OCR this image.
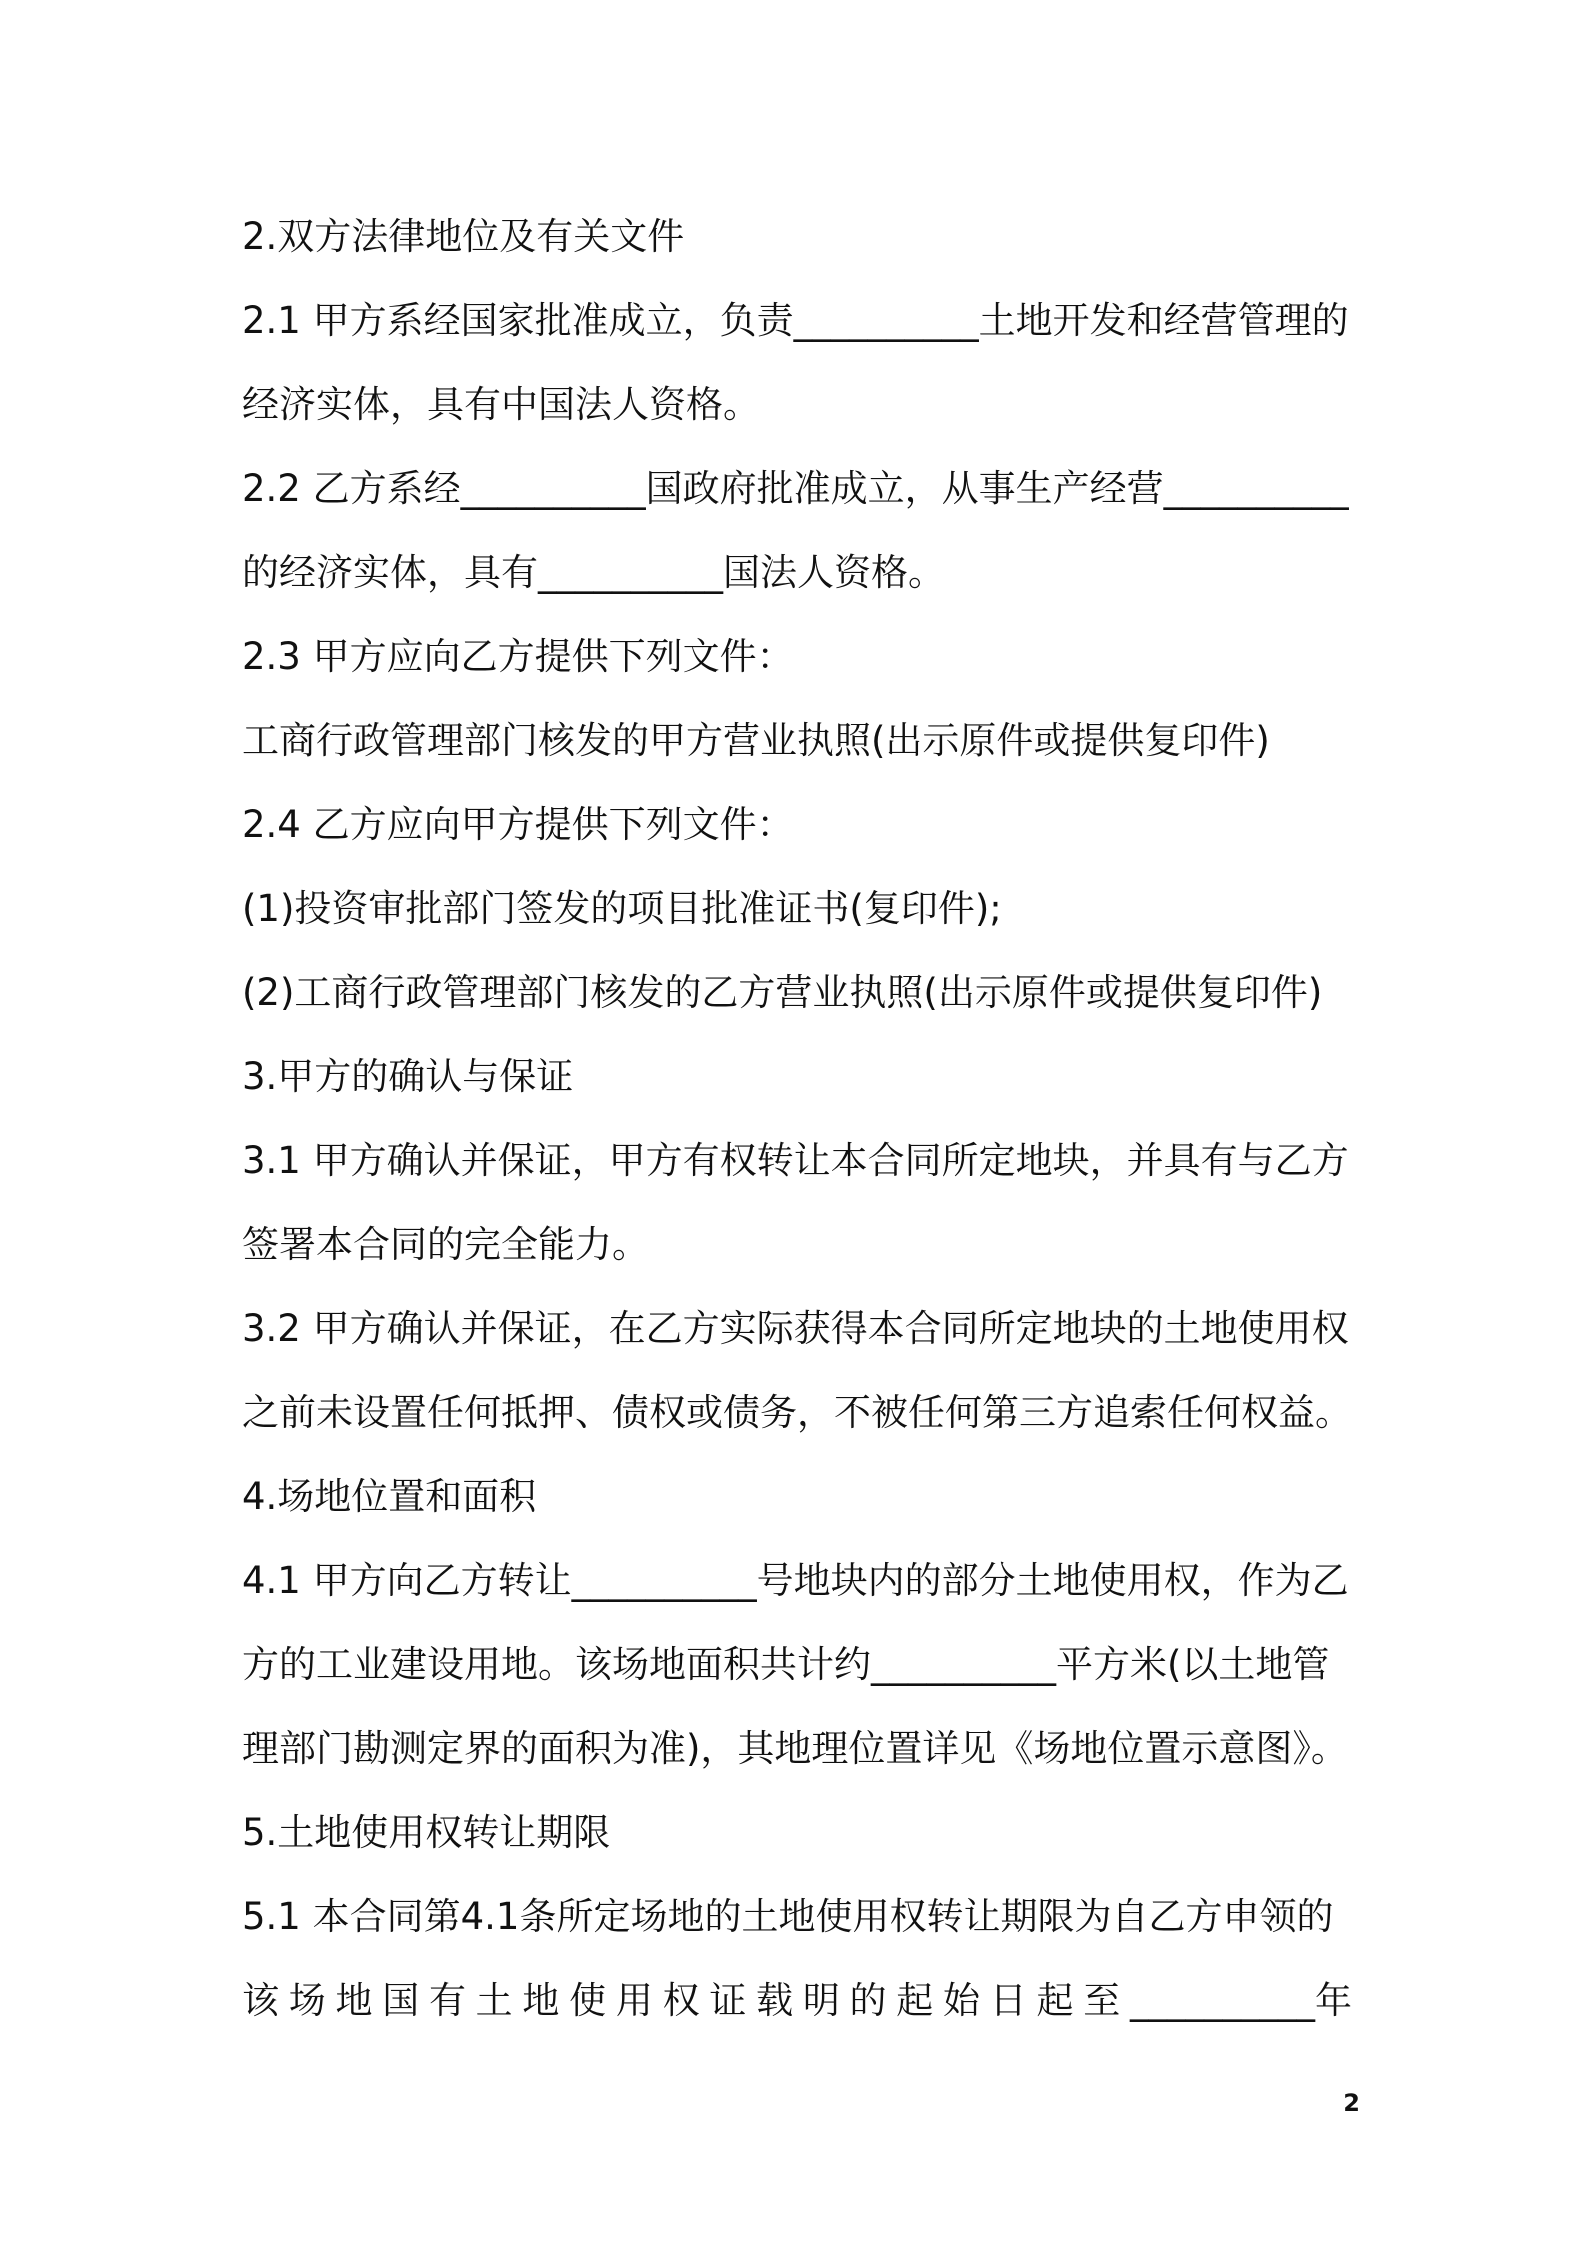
2.双方法律地位及有关文件

2.1 甲方系经国家批准成立，负责__________土地开发和经营管理的

经济实体，具有中国法人资格。

2.2 乙方系经__________国政府批准成立，从事生产经营__________

的经济实体，具有__________国法人资格。

2.3 甲方应向乙方提供下列文件：

工商行政管理部门核发的甲方营业执照(出示原件或提供复印件)

2.4 乙方应向甲方提供下列文件：

(1)投资审批部门签发的项目批准证书(复印件);

(2)工商行政管理部门核发的乙方营业执照(出示原件或提供复印件)

3.甲方的确认与保证

3.1 甲方确认并保证，甲方有权转让本合同所定地块，并具有与乙方

签署本合同的完全能力。

3.2 甲方确认并保证，在乙方实际获得本合同所定地块的土地使用权

之前未设置任何抵押、债权或债务，不被任何第三方追索任何权益。

4.场地位置和面积

4.1 甲方向乙方转让__________号地块内的部分土地使用权，作为乙

方的工业建设用地。该场地面积共计约__________平方米(以土地管

理部门勘测定界的面积为准)，其地理位置详见《场地位置示意图》。

5.土地使用权转让期限

5.1 本合同第4.1条所定场地的土地使用权转让期限为自乙方申领的

该 场 地 国 有 土 地 使 用 权 证 载 明 的 起 始 日 起 至 __________年

2
